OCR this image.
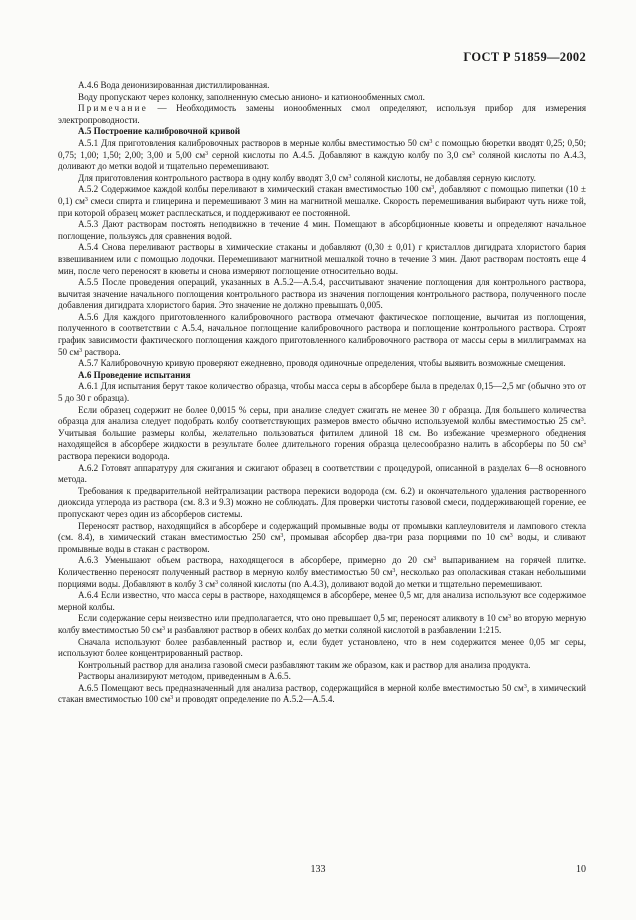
ГОСТ Р 51859—2002

А.4.6 Вода деионизированная дистиллированная.

Воду пропускают через колонку, заполненную смесью анионо- и катионообменных смол.

Примечание — Необходимость замены ионообменных смол определяют, используя прибор для измерения электропроводности.

А.5 Построение калибровочной кривой

А.5.1 Для приготовления калибровочных растворов в мерные колбы вместимостью 50 $см^3$ с помощью бюретки вводят 0,25; 0,50; 0,75; 1,00; 1,50; 2,00; 3,00 и 5,00 $см^3$ серной кислоты по А.4.5. Добавляют в каждую колбу по 3,0 $см^3$ соляной кислоты по А.4.3, доливают до метки водой и тщательно перемешивают.

Для приготовления контрольного раствора в одну колбу вводят 3,0 $см^3$ соляной кислоты, не добавляя серную кислоту.

А.5.2 Содержимое каждой колбы переливают в химический стакан вместимостью 100 $см^3$, добавляют с помощью пипетки (10 ± 0,1) $см^3$ смеси спирта и глицерина и перемешивают 3 мин на магнитной мешалке. Скорость перемешивания выбирают чуть ниже той, при которой образец может расплескаться, и поддерживают ее постоянной.

А.5.3 Дают растворам постоять неподвижно в течение 4 мин. Помещают в абсорбционные кюветы и определяют начальное поглощение, пользуясь для сравнения водой.

А.5.4 Снова переливают растворы в химические стаканы и добавляют (0,30 ± 0,01) г кристаллов дигидрата хлористого бария взвешиванием или с помощью лодочки. Перемешивают магнитной мешалкой точно в течение 3 мин. Дают растворам постоять еще 4 мин, после чего переносят в кюветы и снова измеряют поглощение относительно воды.

А.5.5 После проведения операций, указанных в А.5.2—А.5.4, рассчитывают значение поглощения для контрольного раствора, вычитая значение начального поглощения контрольного раствора из значения поглощения контрольного раствора, полученного после добавления дигидрата хлористого бария. Это значение не должно превышать 0,005.

А.5.6 Для каждого приготовленного калибровочного раствора отмечают фактическое поглощение, вычитая из поглощения, полученного в соответствии с А.5.4, начальное поглощение калибровочного раствора и поглощение контрольного раствора. Строят график зависимости фактического поглощения каждого приготовленного калибровочного раствора от массы серы в миллиграммах на 50 $см^3$ раствора.

А.5.7 Калибровочную кривую проверяют ежедневно, проводя одиночные определения, чтобы выявить возможные смещения.

А.6 Проведение испытания

А.6.1 Для испытания берут такое количество образца, чтобы масса серы в абсорбере была в пределах 0,15—2,5 мг (обычно это от 5 до 30 г образца).

Если образец содержит не более 0,0015 % серы, при анализе следует сжигать не менее 30 г образца. Для большего количества образца для анализа следует подобрать колбу соответствующих размеров вместо обычно используемой колбы вместимостью 25 $см^3$. Учитывая большие размеры колбы, желательно пользоваться фитилем длиной 18 см. Во избежание чрезмерного обеднения находящейся в абсорбере жидкости в результате более длительного горения образца целесообразно налить в абсорберы по 50 $см^3$ раствора перекиси водорода.

А.6.2 Готовят аппаратуру для сжигания и сжигают образец в соответствии с процедурой, описанной в разделах 6—8 основного метода.

Требования к предварительной нейтрализации раствора перекиси водорода (см. 6.2) и окончательного удаления растворенного диоксида углерода из раствора (см. 8.3 и 9.3) можно не соблюдать. Для проверки чистоты газовой смеси, поддерживающей горение, ее пропускают через один из абсорберов системы.

Переносят раствор, находящийся в абсорбере и содержащий промывные воды от промывки каплеуловителя и лампового стекла (см. 8.4), в химический стакан вместимостью 250 $см^3$, промывая абсорбер два-три раза порциями по 10 $см^3$ воды, и сливают промывные воды в стакан с раствором.

А.6.3 Уменьшают объем раствора, находящегося в абсорбере, примерно до 20 $см^3$ выпариванием на горячей плитке. Количественно переносят полученный раствор в мерную колбу вместимостью 50 $см^3$, несколько раз ополаскивая стакан небольшими порциями воды. Добавляют в колбу 3 $см^3$ соляной кислоты (по А.4.3), доливают водой до метки и тщательно перемешивают.

А.6.4 Если известно, что масса серы в растворе, находящемся в абсорбере, менее 0,5 мг, для анализа используют все содержимое мерной колбы.

Если содержание серы неизвестно или предполагается, что оно превышает 0,5 мг, переносят аликвоту в 10 $см^3$ во вторую мерную колбу вместимостью 50 $см^3$ и разбавляют раствор в обеих колбах до метки соляной кислотой в разбавлении 1:215.

Сначала используют более разбавленный раствор и, если будет установлено, что в нем содержится менее 0,05 мг серы, используют более концентрированный раствор.

Контрольный раствор для анализа газовой смеси разбавляют таким же образом, как и раствор для анализа продукта.

Растворы анализируют методом, приведенным в А.6.5.

А.6.5 Помещают весь предназначенный для анализа раствор, содержащийся в мерной колбе вместимостью 50 $см^3$, в химический стакан вместимостью 100 $см^3$ и проводят определение по А.5.2—А.5.4.

133	10
